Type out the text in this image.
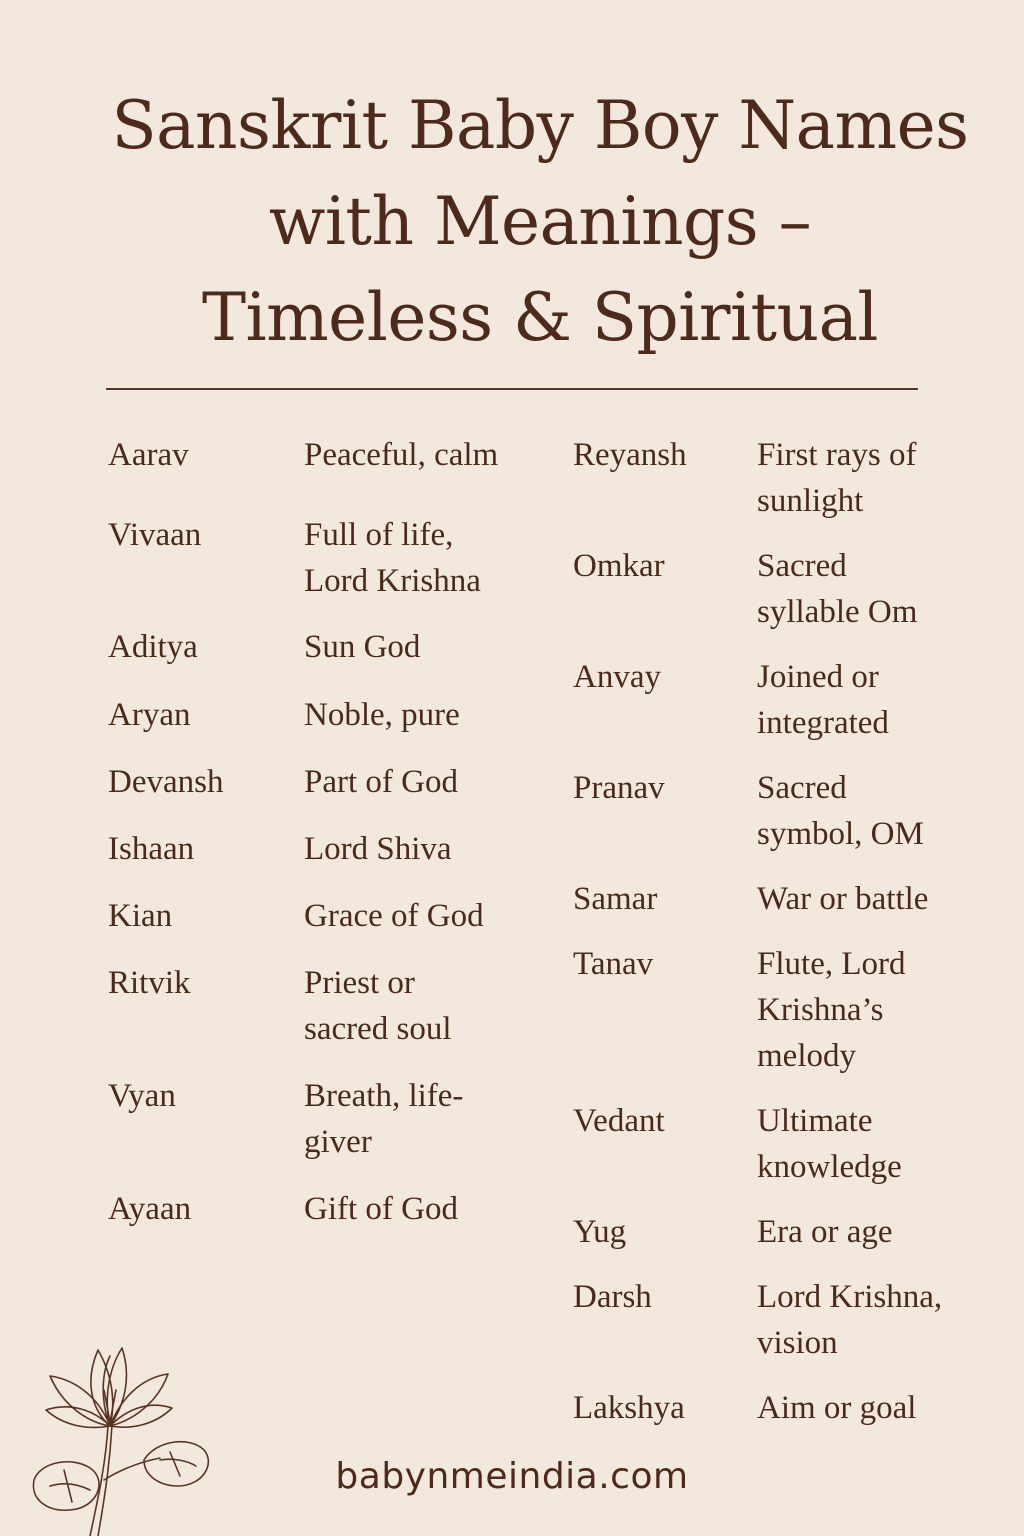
Sanskrit Baby Boy Names
with Meanings –
Timeless & Spiritual
Aarav	Peaceful, calm
Vivaan	Full of life,
Lord Krishna
Aditya	Sun God
Aryan	Noble, pure
Devansh	Part of God
Ishaan	Lord Shiva
Kian	Grace of God
Ritvik	Priest or
sacred soul
Vyan	Breath, life-
giver
Ayaan	Gift of God
Reyansh	First rays of
sunlight
Omkar	Sacred
syllable Om
Anvay	Joined or
integrated
Pranav	Sacred
symbol, OM
Samar	War or battle
Tanav	Flute, Lord
Krishna’s
melody
Vedant	Ultimate
knowledge
Yug	Era or age
Darsh	Lord Krishna,
vision
Lakshya	Aim or goal
babynmeindia.com
